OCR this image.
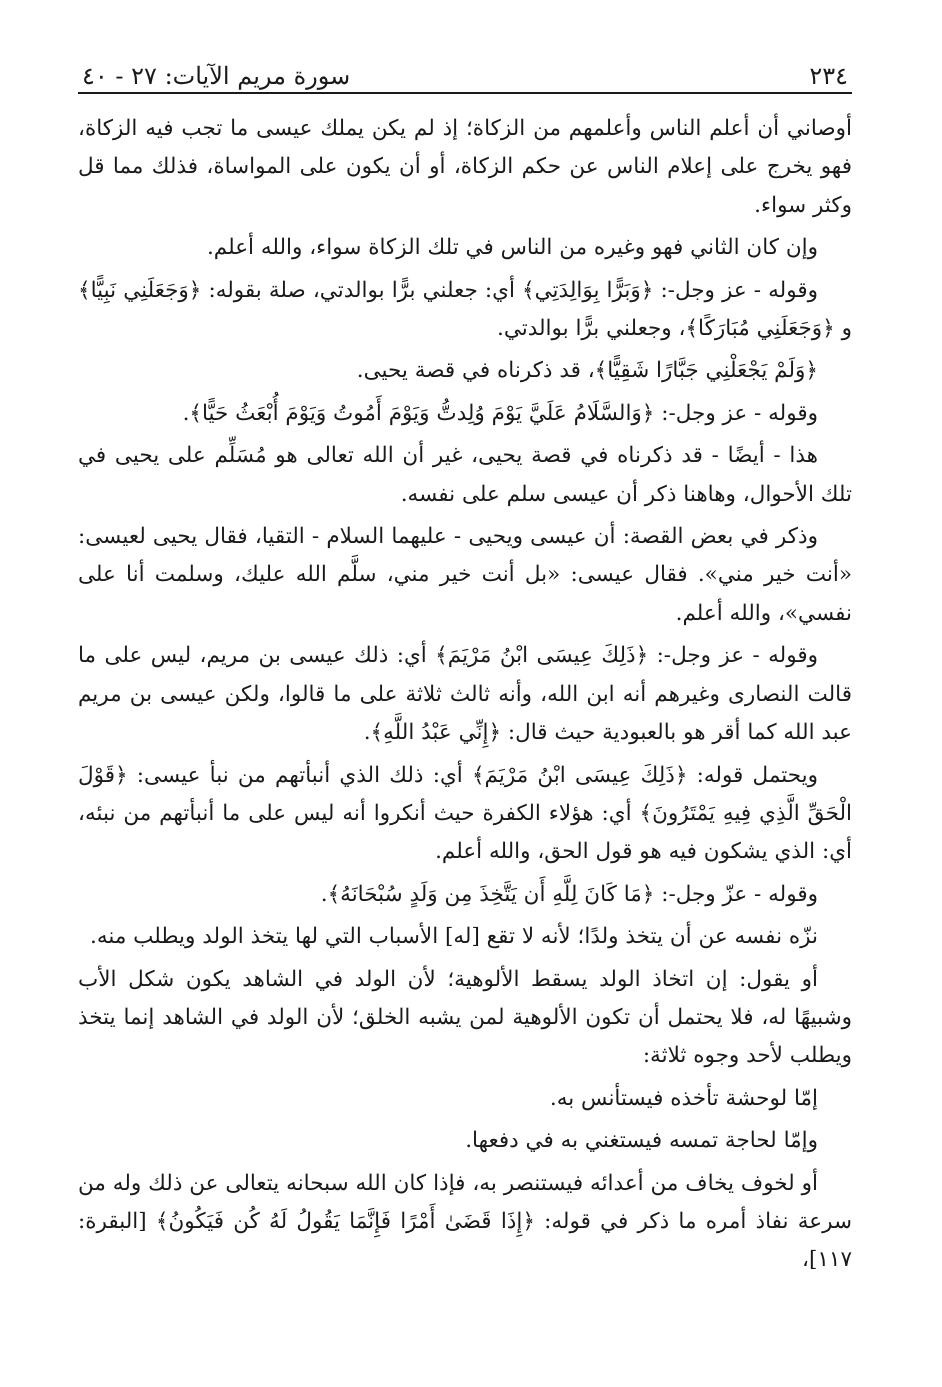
٢٣٤
سورة مريم الآيات: ٢٧ - ٤٠

أوصاني أن أعلم الناس وأعلمهم من الزكاة؛ إذ لم يكن يملك عيسى ما تجب فيه الزكاة، فهو يخرج على إعلام الناس عن حكم الزكاة، أو أن يكون على المواساة، فذلك مما قل وكثر سواء.

وإن كان الثاني فهو وغيره من الناس في تلك الزكاة سواء، والله أعلم.

وقوله - عز وجل-: ﴿وَبَرًّا بِوَالِدَتِي﴾ أي: جعلني برًّا بوالدتي، صلة بقوله: ﴿وَجَعَلَنِي نَبِيًّا﴾ و ﴿وَجَعَلَنِي مُبَارَكًا﴾، وجعلني برًّا بوالدتي.

﴿وَلَمْ يَجْعَلْنِي جَبَّارًا شَقِيًّا﴾، قد ذكرناه في قصة يحيى.

وقوله - عز وجل-: ﴿وَالسَّلَامُ عَلَيَّ يَوْمَ وُلِدتُّ وَيَوْمَ أَمُوتُ وَيَوْمَ أُبْعَثُ حَيًّا﴾.

هذا - أيضًا - قد ذكرناه في قصة يحيى، غير أن الله تعالى هو مُسَلِّم على يحيى في تلك الأحوال، وهاهنا ذكر أن عيسى سلم على نفسه.

وذكر في بعض القصة: أن عيسى ويحيى - عليهما السلام - التقيا، فقال يحيى لعيسى: «أنت خير مني». فقال عيسى: «بل أنت خير مني، سلَّم الله عليك، وسلمت أنا على نفسي»، والله أعلم.

وقوله - عز وجل-: ﴿ذَلِكَ عِيسَى ابْنُ مَرْيَمَ﴾ أي: ذلك عيسى بن مريم، ليس على ما قالت النصارى وغيرهم أنه ابن الله، وأنه ثالث ثلاثة على ما قالوا، ولكن عيسى بن مريم عبد الله كما أقر هو بالعبودية حيث قال: ﴿إِنِّي عَبْدُ اللَّهِ﴾.

ويحتمل قوله: ﴿ذَلِكَ عِيسَى ابْنُ مَرْيَمَ﴾ أي: ذلك الذي أنبأتهم من نبأ عيسى: ﴿قَوْلَ الْحَقِّ الَّذِي فِيهِ يَمْتَرُونَ﴾ أي: هؤلاء الكفرة حيث أنكروا أنه ليس على ما أنبأتهم من نبئه، أي: الذي يشكون فيه هو قول الحق، والله أعلم.

وقوله - عزّ وجل-: ﴿مَا كَانَ لِلَّهِ أَن يَتَّخِذَ مِن وَلَدٍ سُبْحَانَهُ﴾.

نزّه نفسه عن أن يتخذ ولدًا؛ لأنه لا تقع [له] الأسباب التي لها يتخذ الولد ويطلب منه.

أو يقول: إن اتخاذ الولد يسقط الألوهية؛ لأن الولد في الشاهد يكون شكل الأب وشبيهًا له، فلا يحتمل أن تكون الألوهية لمن يشبه الخلق؛ لأن الولد في الشاهد إنما يتخذ ويطلب لأحد وجوه ثلاثة:

إمّا لوحشة تأخذه فيستأنس به.

وإمّا لحاجة تمسه فيستغني به في دفعها.

أو لخوف يخاف من أعدائه فيستنصر به، فإذا كان الله سبحانه يتعالى عن ذلك وله من سرعة نفاذ أمره ما ذكر في قوله: ﴿إِذَا قَضَىٰ أَمْرًا فَإِنَّمَا يَقُولُ لَهُ كُن فَيَكُونُ﴾ [البقرة: ١١٧]،
